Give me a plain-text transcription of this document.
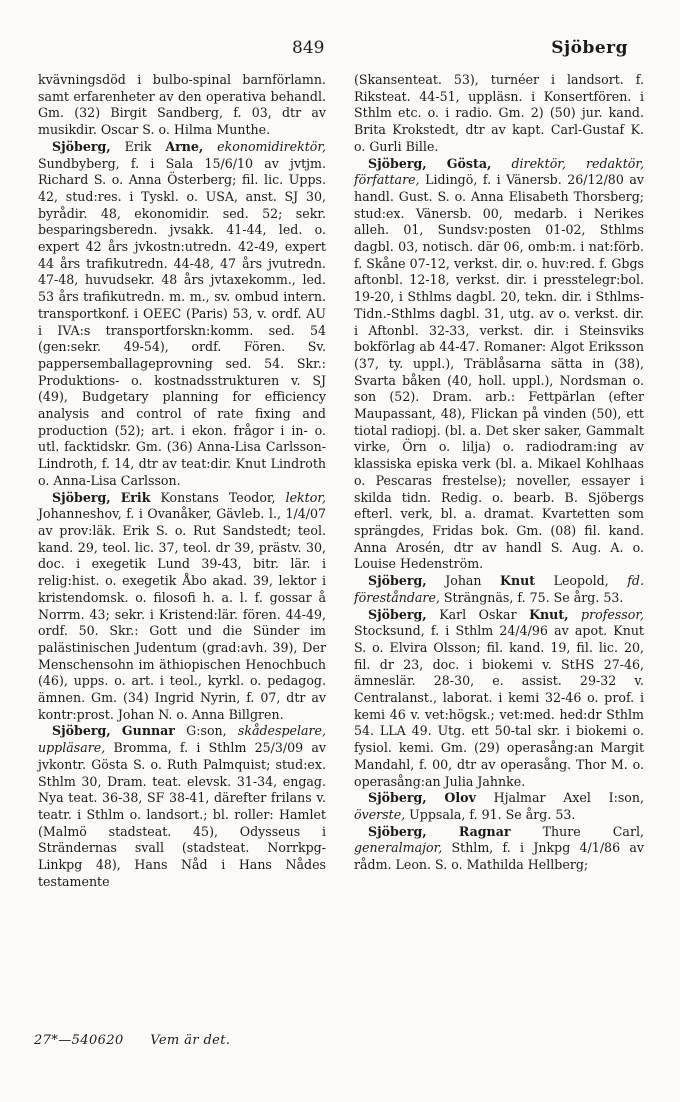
849	Sjöberg

kvävningsdöd i bulbo-spinal barnförlamn. samt erfarenheter av den operativa behandl. Gm. (32) Birgit Sandberg, f. 03, dtr av musikdir. Oscar S. o. Hilma Munthe.

Sjöberg, Erik Arne, ekonomidirektör, Sundbyberg, f. i Sala 15/6/10 av jvtjm. Richard S. o. Anna Österberg; fil. lic. Upps. 42, stud:res. i Tyskl. o. USA, anst. SJ 30, byrådir. 48, ekonomidir. sed. 52; sekr. besparingsberedn. jvsakk. 41-44, led. o. expert 42 års jvkostn:utredn. 42-49, expert 44 års trafikutredn. 44-48, 47 års jvutredn. 47-48, huvudsekr. 48 års jvtaxekomm., led. 53 års trafikutredn. m. m., sv. ombud intern. transportkonf. i OEEC (Paris) 53, v. ordf. AU i IVA:s transportforskn:komm. sed. 54 (gen:sekr. 49-54), ordf. Fören. Sv. pappersemballageprovning sed. 54. Skr.: Produktions- o. kostnadsstrukturen v. SJ (49), Budgetary planning for efficiency analysis and control of rate fixing and production (52); art. i ekon. frågor i in- o. utl. facktidskr. Gm. (36) Anna-Lisa Carlsson-Lindroth, f. 14, dtr av teat:dir. Knut Lindroth o. Anna-Lisa Carlsson.

Sjöberg, Erik Konstans Teodor, lektor, Johanneshov, f. i Ovanåker, Gävleb. l., 1/4/07 av prov:läk. Erik S. o. Rut Sandstedt; teol. kand. 29, teol. lic. 37, teol. dr 39, prästv. 30, doc. i exegetik Lund 39-43, bitr. lär. i relig:hist. o. exegetik Åbo akad. 39, lektor i kristendomsk. o. filosofi h. a. l. f. gossar å Norrm. 43; sekr. i Kristend:lär. fören. 44-49, ordf. 50. Skr.: Gott und die Sünder im palästinischen Judentum (grad:avh. 39), Der Menschensohn im äthiopischen Henochbuch (46), upps. o. art. i teol., kyrkl. o. pedagog. ämnen. Gm. (34) Ingrid Nyrin, f. 07, dtr av kontr:prost. Johan N. o. Anna Billgren.

Sjöberg, Gunnar G:son, skådespelare, uppläsare, Bromma, f. i Sthlm 25/3/09 av jvkontr. Gösta S. o. Ruth Palmquist; stud:ex. Sthlm 30, Dram. teat. elevsk. 31-34, engag. Nya teat. 36-38, SF 38-41, därefter frilans v. teatr. i Sthlm o. landsort.; bl. roller: Hamlet (Malmö stadsteat. 45), Odysseus i Strändernas svall (stadsteat. Norrkpg-Linkpg 48), Hans Nåd i Hans Nådes testamente

(Skansenteat. 53), turnéer i landsort. f. Riksteat. 44-51, uppläsn. i Konsertfören. i Sthlm etc. o. i radio. Gm. 2) (50) jur. kand. Brita Krokstedt, dtr av kapt. Carl-Gustaf K. o. Gurli Bille.

Sjöberg, Gösta, direktör, redaktör, författare, Lidingö, f. i Vänersb. 26/12/80 av handl. Gust. S. o. Anna Elisabeth Thorsberg; stud:ex. Vänersb. 00, medarb. i Nerikes alleh. 01, Sundsv:posten 01-02, Sthlms dagbl. 03, notisch. där 06, omb:m. i nat:förb. f. Skåne 07-12, verkst. dir. o. huv:red. f. Gbgs aftonbl. 12-18, verkst. dir. i presstelegr:bol. 19-20, i Sthlms dagbl. 20, tekn. dir. i Sthlms-Tidn.-Sthlms dagbl. 31, utg. av o. verkst. dir. i Aftonbl. 32-33, verkst. dir. i Steinsviks bokförlag ab 44-47. Romaner: Algot Eriksson (37, ty. uppl.), Träblåsarna sätta in (38), Svarta båken (40, holl. uppl.), Nordsman o. son (52). Dram. arb.: Fettpärlan (efter Maupassant, 48), Flickan på vinden (50), ett tiotal radiopj. (bl. a. Det sker saker, Gammalt virke, Örn o. lilja) o. radiodram:ing av klassiska episka verk (bl. a. Mikael Kohlhaas o. Pescaras frestelse); noveller, essayer i skilda tidn. Redig. o. bearb. B. Sjöbergs efterl. verk, bl. a. dramat. Kvartetten som sprängdes, Fridas bok. Gm. (08) fil. kand. Anna Arosén, dtr av handl S. Aug. A. o. Louise Hedenström.

Sjöberg, Johan Knut Leopold, fd. föreståndare, Strängnäs, f. 75. Se årg. 53.

Sjöberg, Karl Oskar Knut, professor, Stocksund, f. i Sthlm 24/4/96 av apot. Knut S. o. Elvira Olsson; fil. kand. 19, fil. lic. 20, fil. dr 23, doc. i biokemi v. StHS 27-46, ämneslär. 28-30, e. assist. 29-32 v. Centralanst., laborat. i kemi 32-46 o. prof. i kemi 46 v. vet:högsk.; vet:med. hed:dr Sthlm 54. LLA 49. Utg. ett 50-tal skr. i biokemi o. fysiol. kemi. Gm. (29) operasång:an Margit Mandahl, f. 00, dtr av operasång. Thor M. o. operasång:an Julia Jahnke.

Sjöberg, Olov Hjalmar Axel I:son, överste, Uppsala, f. 91. Se årg. 53.

Sjöberg,	Ragnar	Thure Carl, generalmajor, Sthlm, f. i Jnkpg 4/1/86 av rådm. Leon. S. o. Mathilda Hellberg;

27*—540620 Vem är det.
